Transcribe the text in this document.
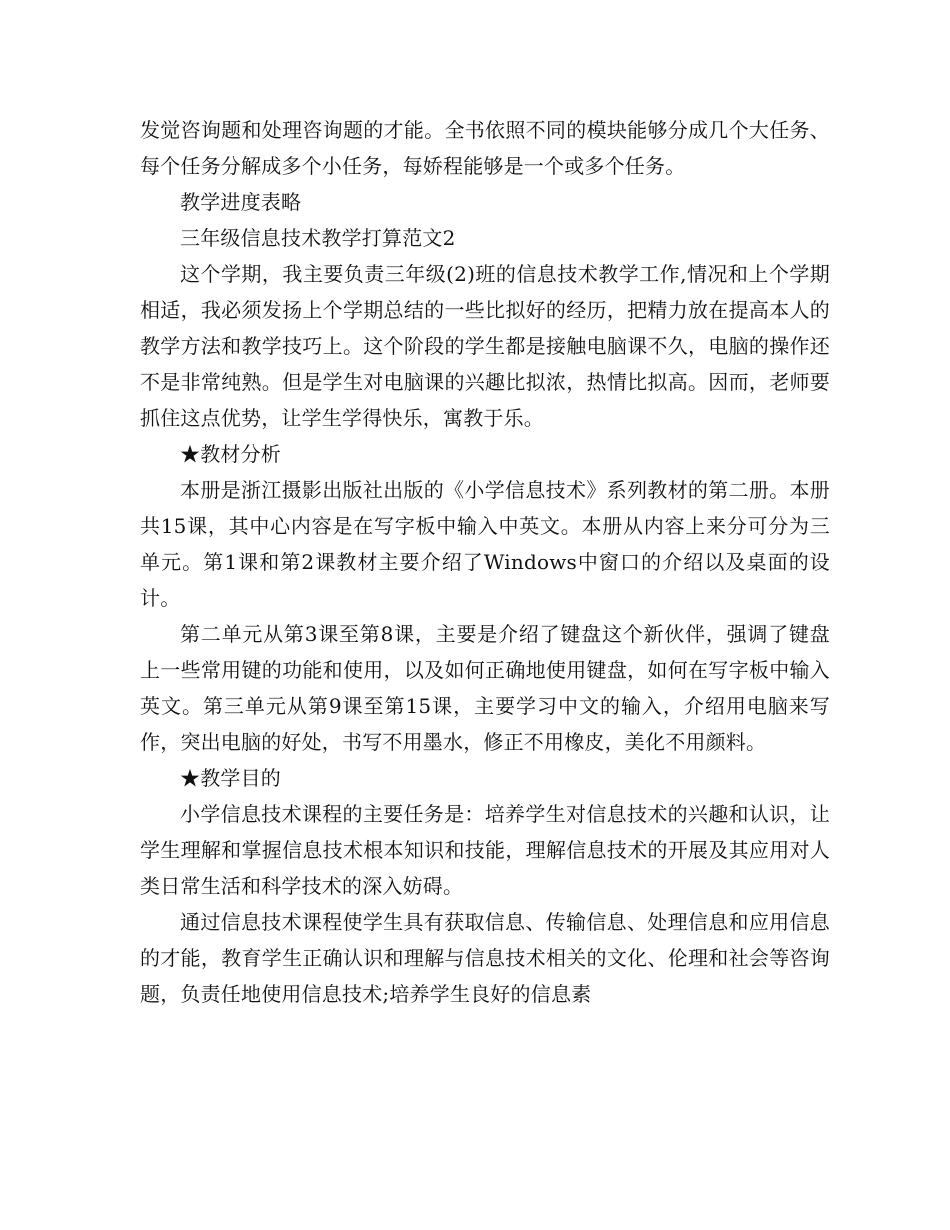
发觉咨询题和处理咨询题的才能。全书依照不同的模块能够分成几个大任务、每个任务分解成多个小任务，每娇程能够是一个或多个任务。

教学进度表略

三年级信息技术教学打算范文2

这个学期，我主要负责三年级(2)班的信息技术教学工作,情况和上个学期相适，我必须发扬上个学期总结的一些比拟好的经历，把精力放在提高本人的教学方法和教学技巧上。这个阶段的学生都是接触电脑课不久，电脑的操作还不是非常纯熟。但是学生对电脑课的兴趣比拟浓，热情比拟高。因而，老师要抓住这点优势，让学生学得快乐，寓教于乐。

★教材分析

本册是浙江摄影出版社出版的《小学信息技术》系列教材的第二册。本册共15课，其中心内容是在写字板中输入中英文。本册从内容上来分可分为三单元。第1课和第2课教材主要介绍了Windows中窗口的介绍以及桌面的设计。

第二单元从第3课至第8课，主要是介绍了键盘这个新伙伴，强调了键盘上一些常用键的功能和使用，以及如何正确地使用键盘，如何在写字板中输入英文。第三单元从第9课至第15课，主要学习中文的输入，介绍用电脑来写作，突出电脑的好处，书写不用墨水，修正不用橡皮，美化不用颜料。

★教学目的

小学信息技术课程的主要任务是：培养学生对信息技术的兴趣和认识，让学生理解和掌握信息技术根本知识和技能，理解信息技术的开展及其应用对人类日常生活和科学技术的深入妨碍。

通过信息技术课程使学生具有获取信息、传输信息、处理信息和应用信息的才能，教育学生正确认识和理解与信息技术相关的文化、伦理和社会等咨询题，负责任地使用信息技术;培养学生良好的信息素
